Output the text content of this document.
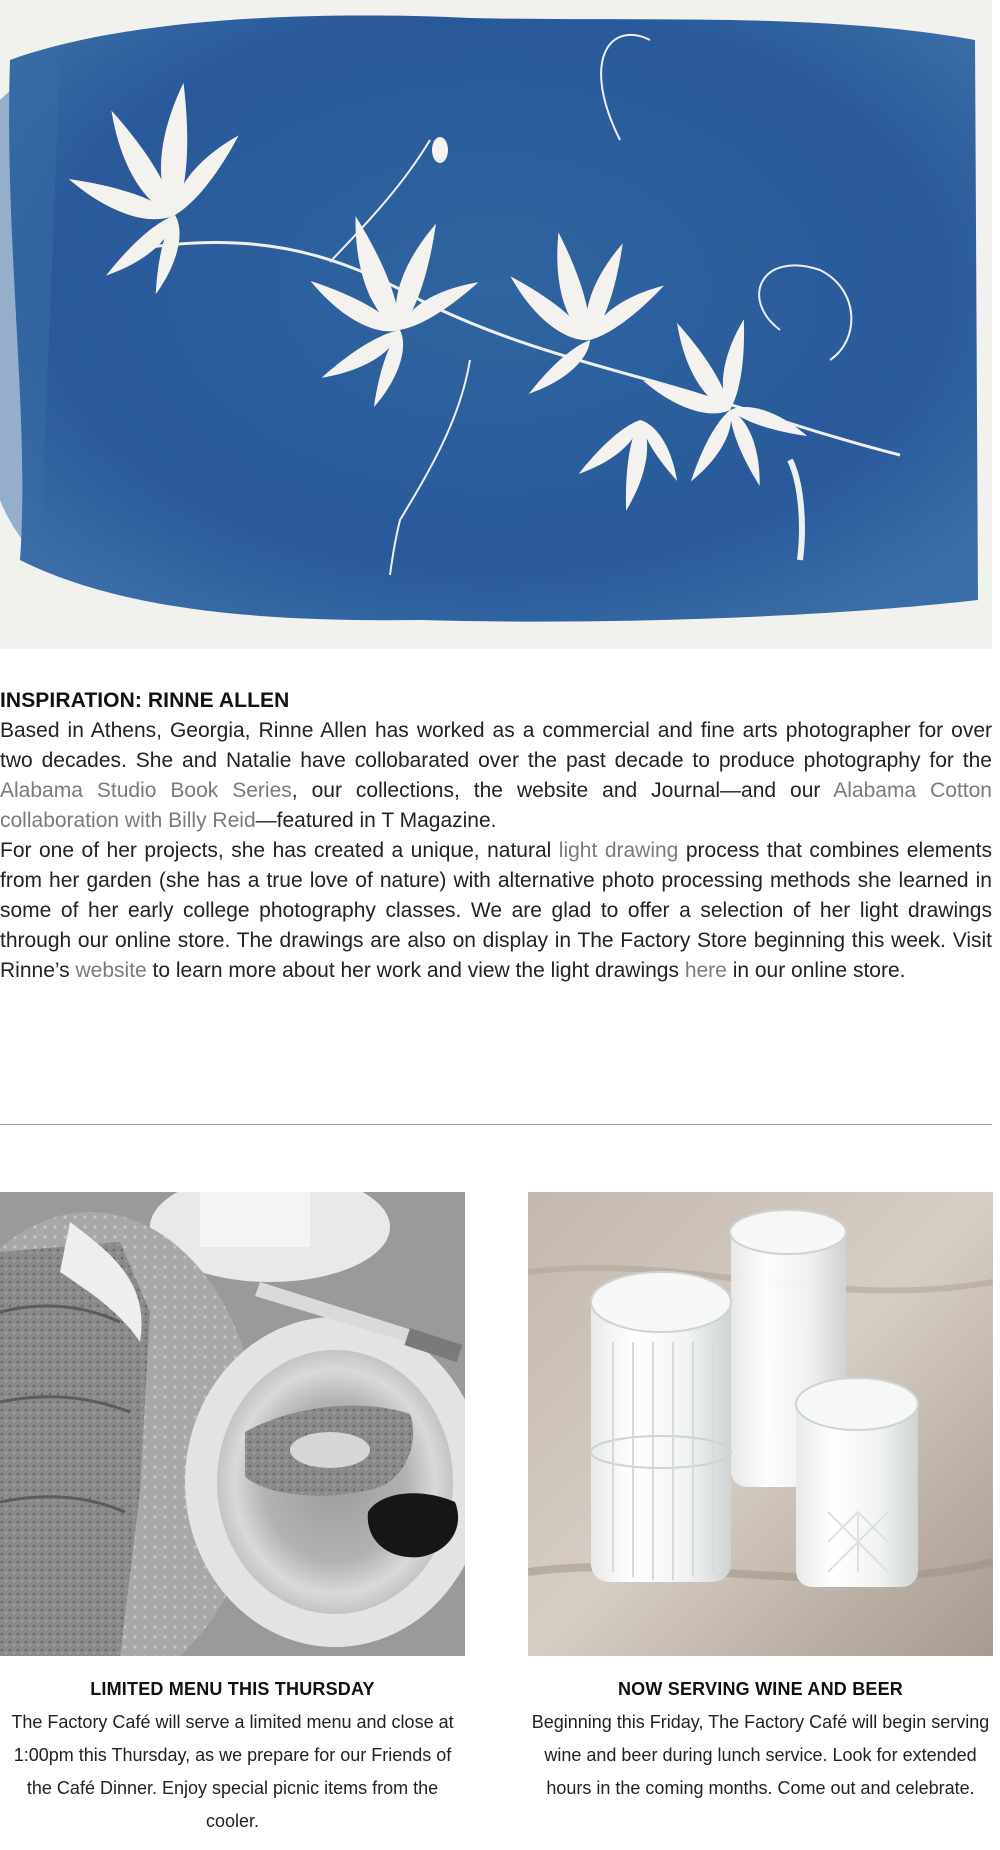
INSPIRATION: RINNE ALLEN

Based in Athens, Georgia, Rinne Allen has worked as a commercial and fine arts photographer for over two decades. She and Natalie have collobarated over the past decade to produce photography for the Alabama Studio Book Series, our collections, the website and Journal—and our Alabama Cotton collaboration with Billy Reid—featured in T Magazine.

For one of her projects, she has created a unique, natural light drawing process that combines elements from her garden (she has a true love of nature) with alternative photo processing methods she learned in some of her early college photography classes. We are glad to offer a selection of her light drawings through our online store. The drawings are also on display in The Factory Store beginning this week. Visit Rinne’s website to learn more about her work and view the light drawings here in our online store.

LIMITED MENU THIS THURSDAY

The Factory Café will serve a limited menu and close at 1:00pm this Thursday, as we prepare for our Friends of the Café Dinner. Enjoy special picnic items from the cooler.

NOW SERVING WINE AND BEER

Beginning this Friday, The Factory Café will begin serving wine and beer during lunch service. Look for extended hours in the coming months. Come out and celebrate.
